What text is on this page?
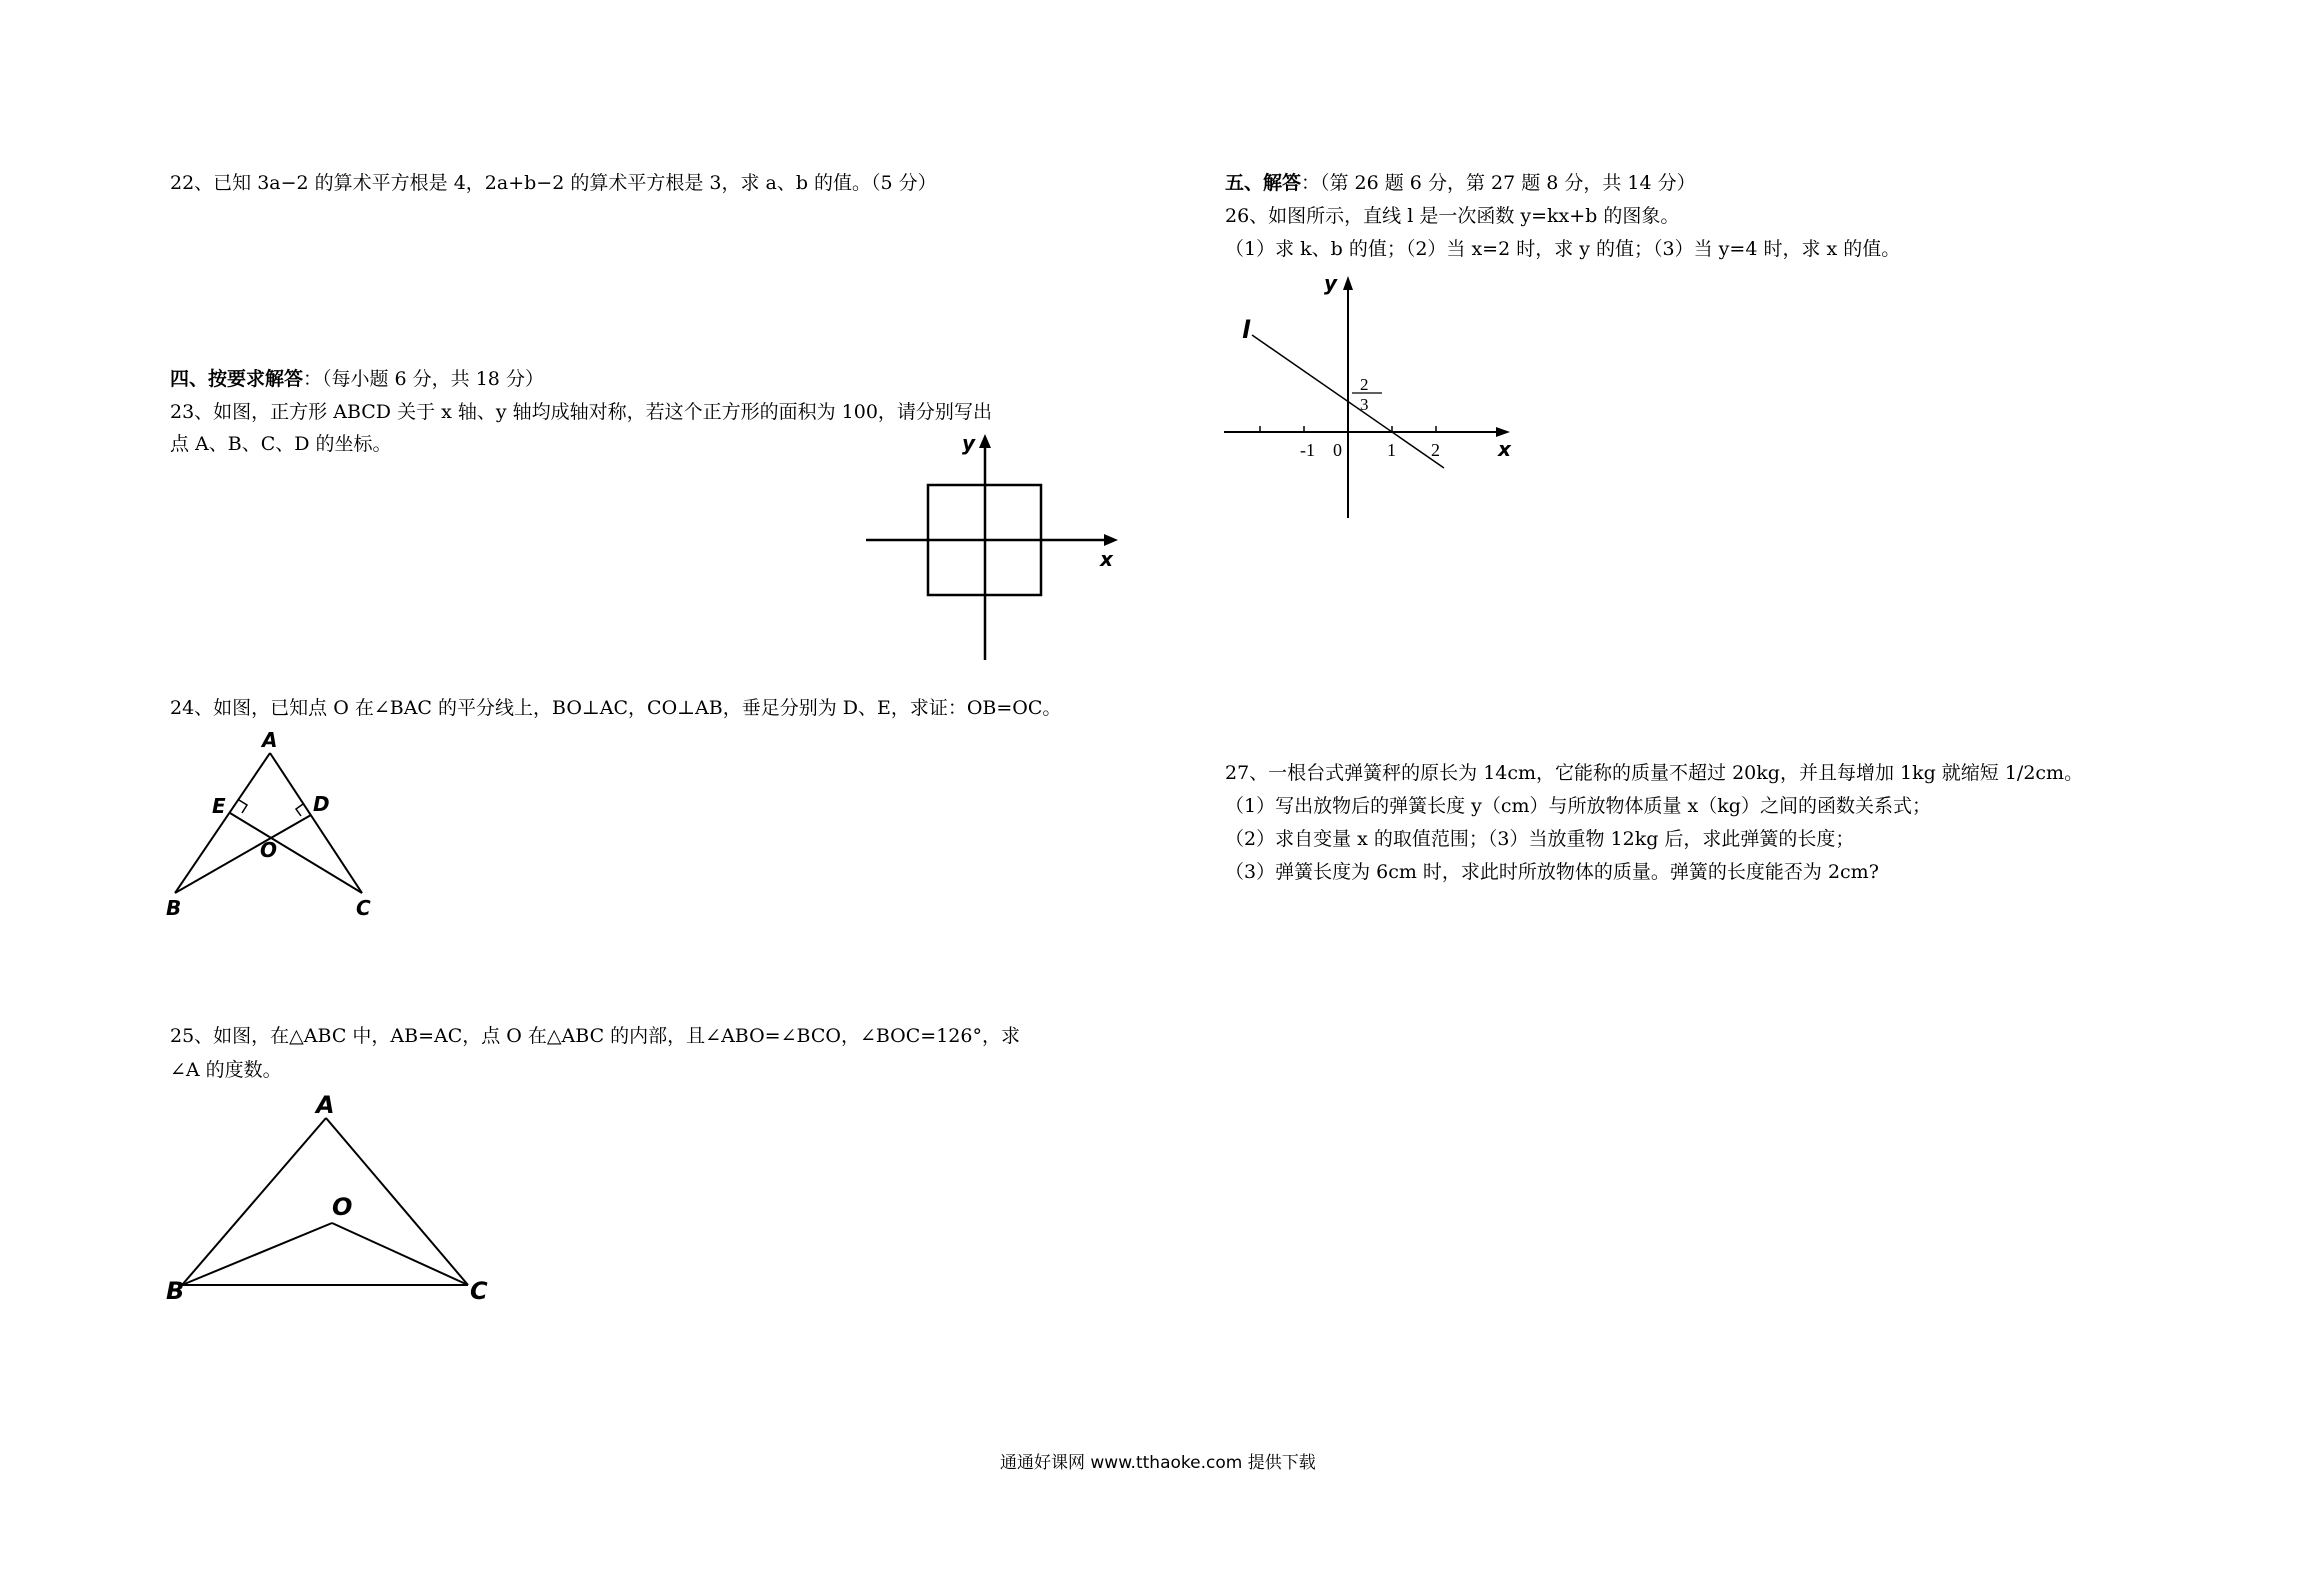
22、已知 3a−2 的算术平方根是 4，2a+b−2 的算术平方根是 3，求 a、b 的值。（5 分）
四、按要求解答：（每小题 6 分，共 18 分）
23、如图，正方形 ABCD 关于 x 轴、y 轴均成轴对称，若这个正方形的面积为 100，请分别写出
点 A、B、C、D 的坐标。
x
y
24、如图，已知点 O 在∠BAC 的平分线上，BO⊥AC，CO⊥AB，垂足分别为 D、E，求证：OB=OC。
A
E	D
O
B	C
25、如图，在△ABC 中，AB=AC，点 O 在△ABC 的内部，且∠ABO=∠BCO，∠BOC=126°，求
∠A 的度数。
A
O
B	C
五、解答：（第 26 题 6 分，第 27 题 8 分，共 14 分）
26、如图所示，直线 l 是一次函数 y=kx+b 的图象。
（1）求 k、b 的值；（2）当 x=2 时，求 y 的值；（3）当 y=4 时，求 x 的值。
l
y
x
2
3
-1 0	1 2
27、一根台式弹簧秤的原长为 14cm，它能称的质量不超过 20kg，并且每增加 1kg 就缩短 1/2cm。
（1）写出放物后的弹簧长度 y（cm）与所放物体质量 x（kg）之间的函数关系式；
（2）求自变量 x 的取值范围；（3）当放重物 12kg 后，求此弹簧的长度；
（3）弹簧长度为 6cm 时，求此时所放物体的质量。弹簧的长度能否为 2cm?
通通好课网 www.tthaoke.com 提供下载
